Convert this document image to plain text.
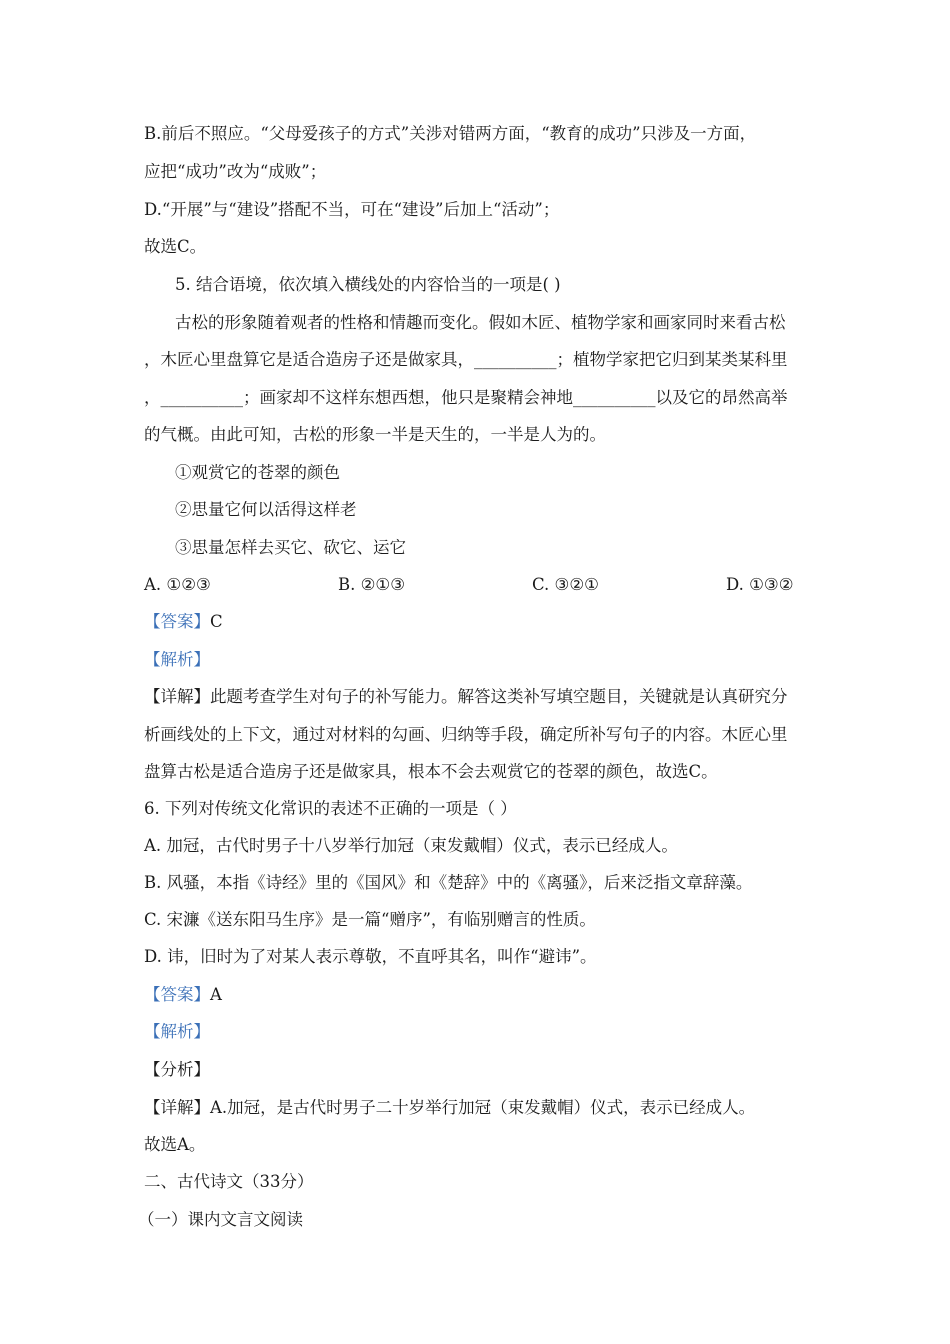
B.前后不照应。“父母爱孩子的方式”关涉对错两方面，“教育的成功”只涉及一方面，
应把“成功”改为“成败”；
D.“开展”与“建设”搭配不当，可在“建设”后加上“活动”；
故选C。
5. 结合语境，依次填入横线处的内容恰当的一项是( )
古松的形象随着观者的性格和情趣而变化。假如木匠、植物学家和画家同时来看古松
，木匠心里盘算它是适合造房子还是做家具，__________；植物学家把它归到某类某科里
，__________；画家却不这样东想西想，他只是聚精会神地__________以及它的昂然高举
的气概。由此可知，古松的形象一半是天生的，一半是人为的。
①观赏它的苍翠的颜色
②思量它何以活得这样老
③思量怎样去买它、砍它、运它
A. ①②③	B. ②①③	C. ③②①	D. ①③②
【答案】C
【解析】
【详解】此题考查学生对句子的补写能力。解答这类补写填空题目，关键就是认真研究分
析画线处的上下文，通过对材料的勾画、归纳等手段，确定所补写句子的内容。木匠心里
盘算古松是适合造房子还是做家具，根本不会去观赏它的苍翠的颜色，故选C。
6. 下列对传统文化常识的表述不正确的一项是（ ）
A. 加冠，古代时男子十八岁举行加冠（束发戴帽）仪式，表示已经成人。
B. 风骚，本指《诗经》里的《国风》和《楚辞》中的《离骚》，后来泛指文章辞藻。
C. 宋濂《送东阳马生序》是一篇“赠序”，有临别赠言的性质。
D. 讳，旧时为了对某人表示尊敬，不直呼其名，叫作“避讳”。
【答案】A
【解析】
【分析】
【详解】A.加冠，是古代时男子二十岁举行加冠（束发戴帽）仪式，表示已经成人。
故选A。
二、古代诗文（33分）
（一）课内文言文阅读
